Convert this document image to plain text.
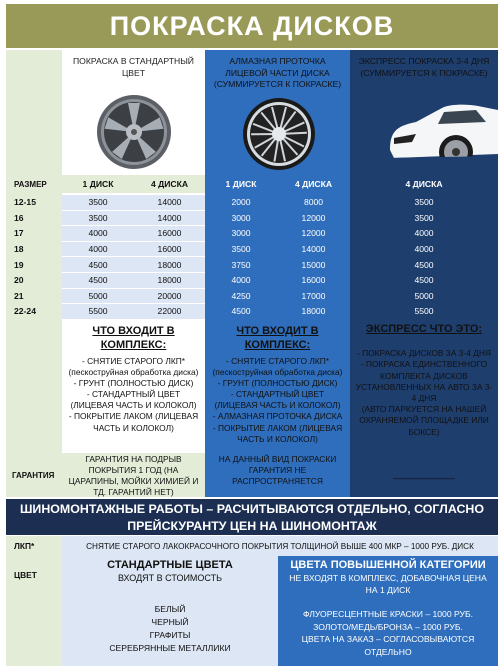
ПОКРАСКА ДИСКОВ
ПОКРАСКА В СТАНДАРТНЫЙ ЦВЕТ
АЛМАЗНАЯ ПРОТОЧКА ЛИЦЕВОЙ ЧАСТИ ДИСКА (СУММИРУЕТСЯ К ПОКРАСКЕ)
ЭКСПРЕСС ПОКРАСКА 3-4 ДНЯ (СУММИРУЕТСЯ К ПОКРАСКЕ)
РАЗМЕР	1 ДИСК	4 ДИСКА	1 ДИСК	4 ДИСКА	4 ДИСКА
12-15	3500	14000	2000	8000	3500
16	3500	14000	3000	12000	3500
17	4000	16000	3000	12000	4000
18	4000	16000	3500	14000	4000
19	4500	18000	3750	15000	4500
20	4500	18000	4000	16000	4500
21	5000	20000	4250	17000	5000
22-24	5500	22000	4500	18000	5500
ЧТО ВХОДИТ В КОМПЛЕКС:
- СНЯТИЕ СТАРОГО ЛКП* (пескоструйная обработка диска)
- ГРУНТ (ПОЛНОСТЬЮ ДИСК)
- СТАНДАРТНЫЙ ЦВЕТ (ЛИЦЕВАЯ ЧАСТЬ И КОЛОКОЛ)
- ПОКРЫТИЕ ЛАКОМ (ЛИЦЕВАЯ ЧАСТЬ И КОЛОКОЛ)
ЧТО ВХОДИТ В КОМПЛЕКС:
- СНЯТИЕ СТАРОГО ЛКП* (пескоструйная обработка диска)
- ГРУНТ (ПОЛНОСТЬЮ ДИСК)
- СТАНДАРТНЫЙ ЦВЕТ (ЛИЦЕВАЯ ЧАСТЬ И КОЛОКОЛ)
- АЛМАЗНАЯ ПРОТОЧКА ДИСКА
- ПОКРЫТИЕ ЛАКОМ (ЛИЦЕВАЯ ЧАСТЬ И КОЛОКОЛ)
ЭКСПРЕСС ЧТО ЭТО:
- ПОКРАСКА ДИСКОВ ЗА 3-4 ДНЯ
- ПОКРАСКА ЕДИНСТВЕННОГО КОМПЛЕКТА ДИСКОВ УСТАНОВЛЕННЫХ НА АВТО ЗА 3-4 ДНЯ
(АВТО ПАРКУЕТСЯ НА НАШЕЙ ОХРАНЯЕМОЙ ПЛОЩАДКЕ ИЛИ БОКСЕ)
ГАРАНТИЯ
ГАРАНТИЯ НА ПОДРЫВ ПОКРЫТИЯ 1 ГОД (НА ЦАРАПИНЫ, МОЙКИ ХИМИЕЙ И ТД. ГАРАНТИЙ НЕТ)
НА ДАННЫЙ ВИД ПОКРАСКИ ГАРАНТИЯ НЕ РАСПРОСТРАНЯЕТСЯ
___________
ШИНОМОНТАЖНЫЕ РАБОТЫ – РАСЧИТЫВАЮТСЯ ОТДЕЛЬНО, СОГЛАСНО ПРЕЙСКУРАНТУ ЦЕН НА ШИНОМОНТАЖ
ЛКП*	СНЯТИЕ СТАРОГО ЛАКОКРАСОЧНОГО ПОКРЫТИЯ ТОЛЩИНОЙ ВЫШЕ 400 МКР – 1000 РУБ. ДИСК
ЦВЕТ
СТАНДАРТНЫЕ ЦВЕТА
ВХОДЯТ В СТОИМОСТЬ
БЕЛЫЙ
ЧЕРНЫЙ
ГРАФИТЫ
СЕРЕБРЯННЫЕ МЕТАЛЛИКИ
ЦВЕТА ПОВЫШЕННОЙ КАТЕГОРИИ
НЕ ВХОДЯТ В КОМПЛЕКС, ДОБАВОЧНАЯ ЦЕНА НА 1 ДИСК
ФЛУОРЕСЦЕНТНЫЕ КРАСКИ – 1000 РУБ.
ЗОЛОТО/МЕДЬ/БРОНЗА – 1000 РУБ.
ЦВЕТА НА ЗАКАЗ – СОГЛАСОВЫВАЮТСЯ ОТДЕЛЬНО
